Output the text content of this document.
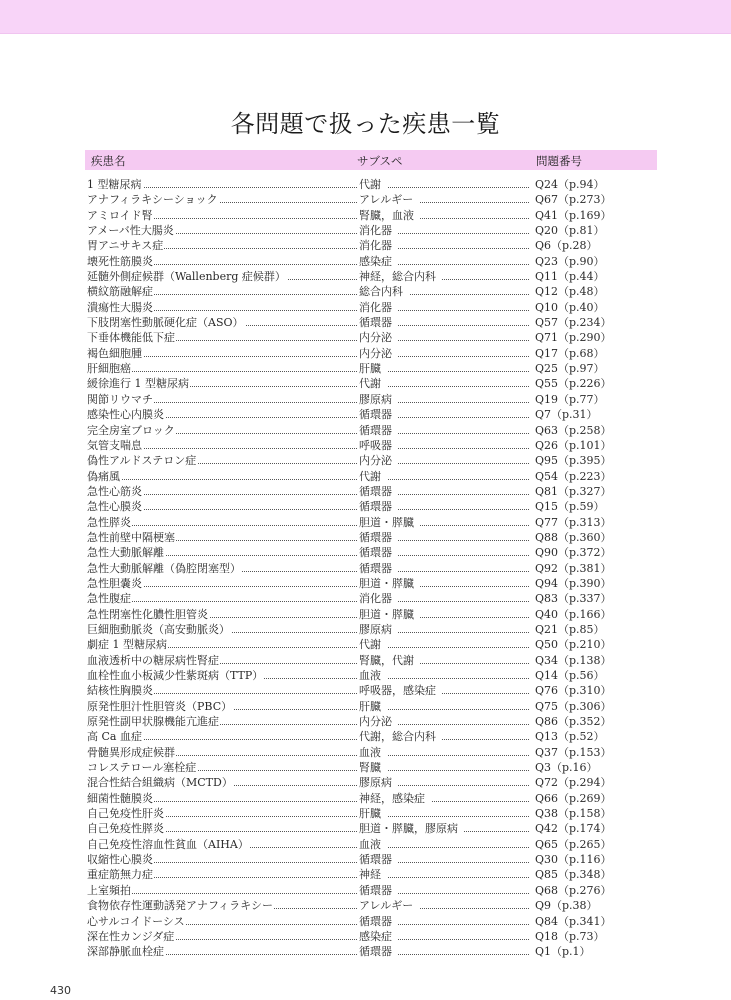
各問題で扱った疾患一覧
疾患名	サブスペ	問題番号
1 型糖尿病	代謝	Q24（p.94）
アナフィラキシーショック	アレルギー	Q67（p.273）
アミロイド腎	腎臓，血液	Q41（p.169）
アメーバ性大腸炎	消化器	Q20（p.81）
胃アニサキス症	消化器	Q6（p.28）
壊死性筋膜炎	感染症	Q23（p.90）
延髄外側症候群（Wallenberg 症候群）	神経，総合内科	Q11（p.44）
横紋筋融解症	総合内科	Q12（p.48）
潰瘍性大腸炎	消化器	Q10（p.40）
下肢閉塞性動脈硬化症（ASO）	循環器	Q57（p.234）
下垂体機能低下症	内分泌	Q71（p.290）
褐色細胞腫	内分泌	Q17（p.68）
肝細胞癌	肝臓	Q25（p.97）
緩徐進行 1 型糖尿病	代謝	Q55（p.226）
関節リウマチ	膠原病	Q19（p.77）
感染性心内膜炎	循環器	Q7（p.31）
完全房室ブロック	循環器	Q63（p.258）
気管支喘息	呼吸器	Q26（p.101）
偽性アルドステロン症	内分泌	Q95（p.395）
偽痛風	代謝	Q54（p.223）
急性心筋炎	循環器	Q81（p.327）
急性心膜炎	循環器	Q15（p.59）
急性膵炎	胆道・膵臓	Q77（p.313）
急性前壁中隔梗塞	循環器	Q88（p.360）
急性大動脈解離	循環器	Q90（p.372）
急性大動脈解離（偽腔閉塞型）	循環器	Q92（p.381）
急性胆嚢炎	胆道・膵臓	Q94（p.390）
急性腹症	消化器	Q83（p.337）
急性閉塞性化膿性胆管炎	胆道・膵臓	Q40（p.166）
巨細胞動脈炎（高安動脈炎）	膠原病	Q21（p.85）
劇症 1 型糖尿病	代謝	Q50（p.210）
血液透析中の糖尿病性腎症	腎臓，代謝	Q34（p.138）
血栓性血小板減少性紫斑病（TTP）	血液	Q14（p.56）
結核性胸膜炎	呼吸器，感染症	Q76（p.310）
原発性胆汁性胆管炎（PBC）	肝臓	Q75（p.306）
原発性副甲状腺機能亢進症	内分泌	Q86（p.352）
高 Ca 血症	代謝，総合内科	Q13（p.52）
骨髄異形成症候群	血液	Q37（p.153）
コレステロール塞栓症	腎臓	Q3（p.16）
混合性結合組織病（MCTD）	膠原病	Q72（p.294）
細菌性髄膜炎	神経，感染症	Q66（p.269）
自己免疫性肝炎	肝臓	Q38（p.158）
自己免疫性膵炎	胆道・膵臓，膠原病	Q42（p.174）
自己免疫性溶血性貧血（AIHA）	血液	Q65（p.265）
収縮性心膜炎	循環器	Q30（p.116）
重症筋無力症	神経	Q85（p.348）
上室頻拍	循環器	Q68（p.276）
食物依存性運動誘発アナフィラキシー	アレルギー	Q9（p.38）
心サルコイドーシス	循環器	Q84（p.341）
深在性カンジダ症	感染症	Q18（p.73）
深部静脈血栓症	循環器	Q1（p.1）
430
